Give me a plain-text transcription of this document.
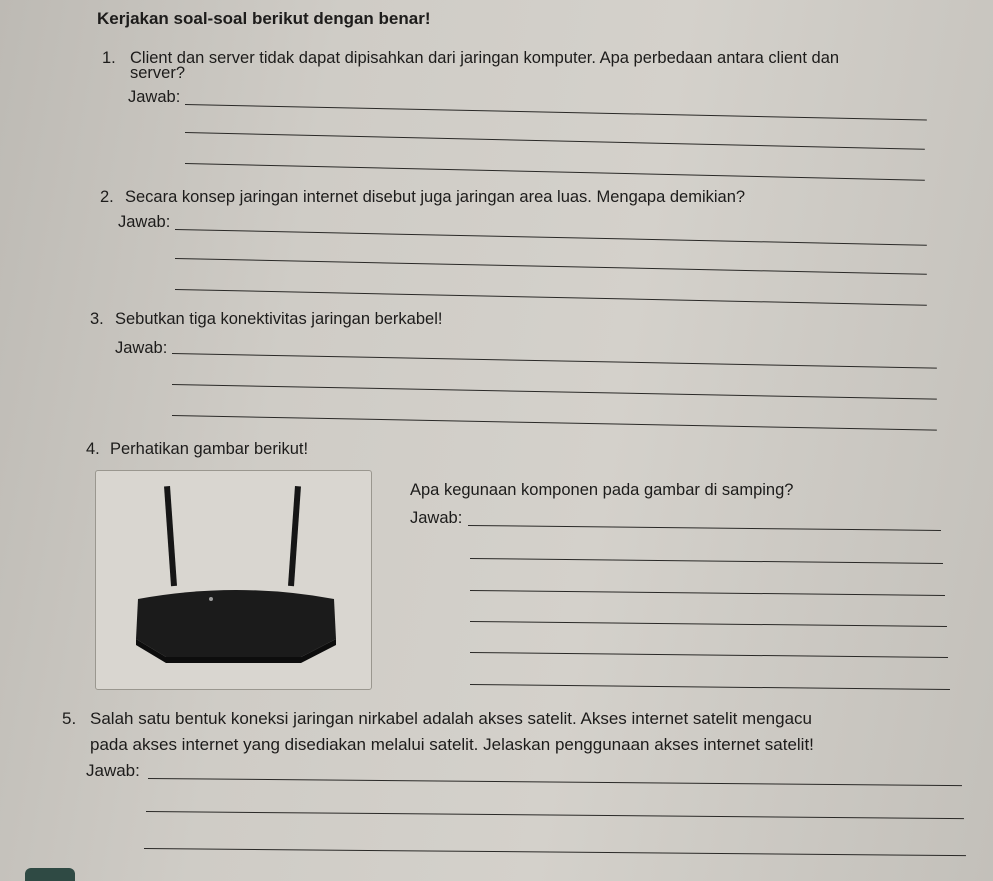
Kerjakan soal-soal berikut dengan benar!
1. Client dan server tidak dapat dipisahkan dari jaringan komputer. Apa perbedaan antara client dan
server?
Jawab:
2. Secara konsep jaringan internet disebut juga jaringan area luas. Mengapa demikian?
Jawab:
3. Sebutkan tiga konektivitas jaringan berkabel!
Jawab:
4. Perhatikan gambar berikut!
Apa kegunaan komponen pada gambar di samping?
Jawab:
5. Salah satu bentuk koneksi jaringan nirkabel adalah akses satelit. Akses internet satelit mengacu
pada akses internet yang disediakan melalui satelit. Jelaskan penggunaan akses internet satelit!
Jawab:
